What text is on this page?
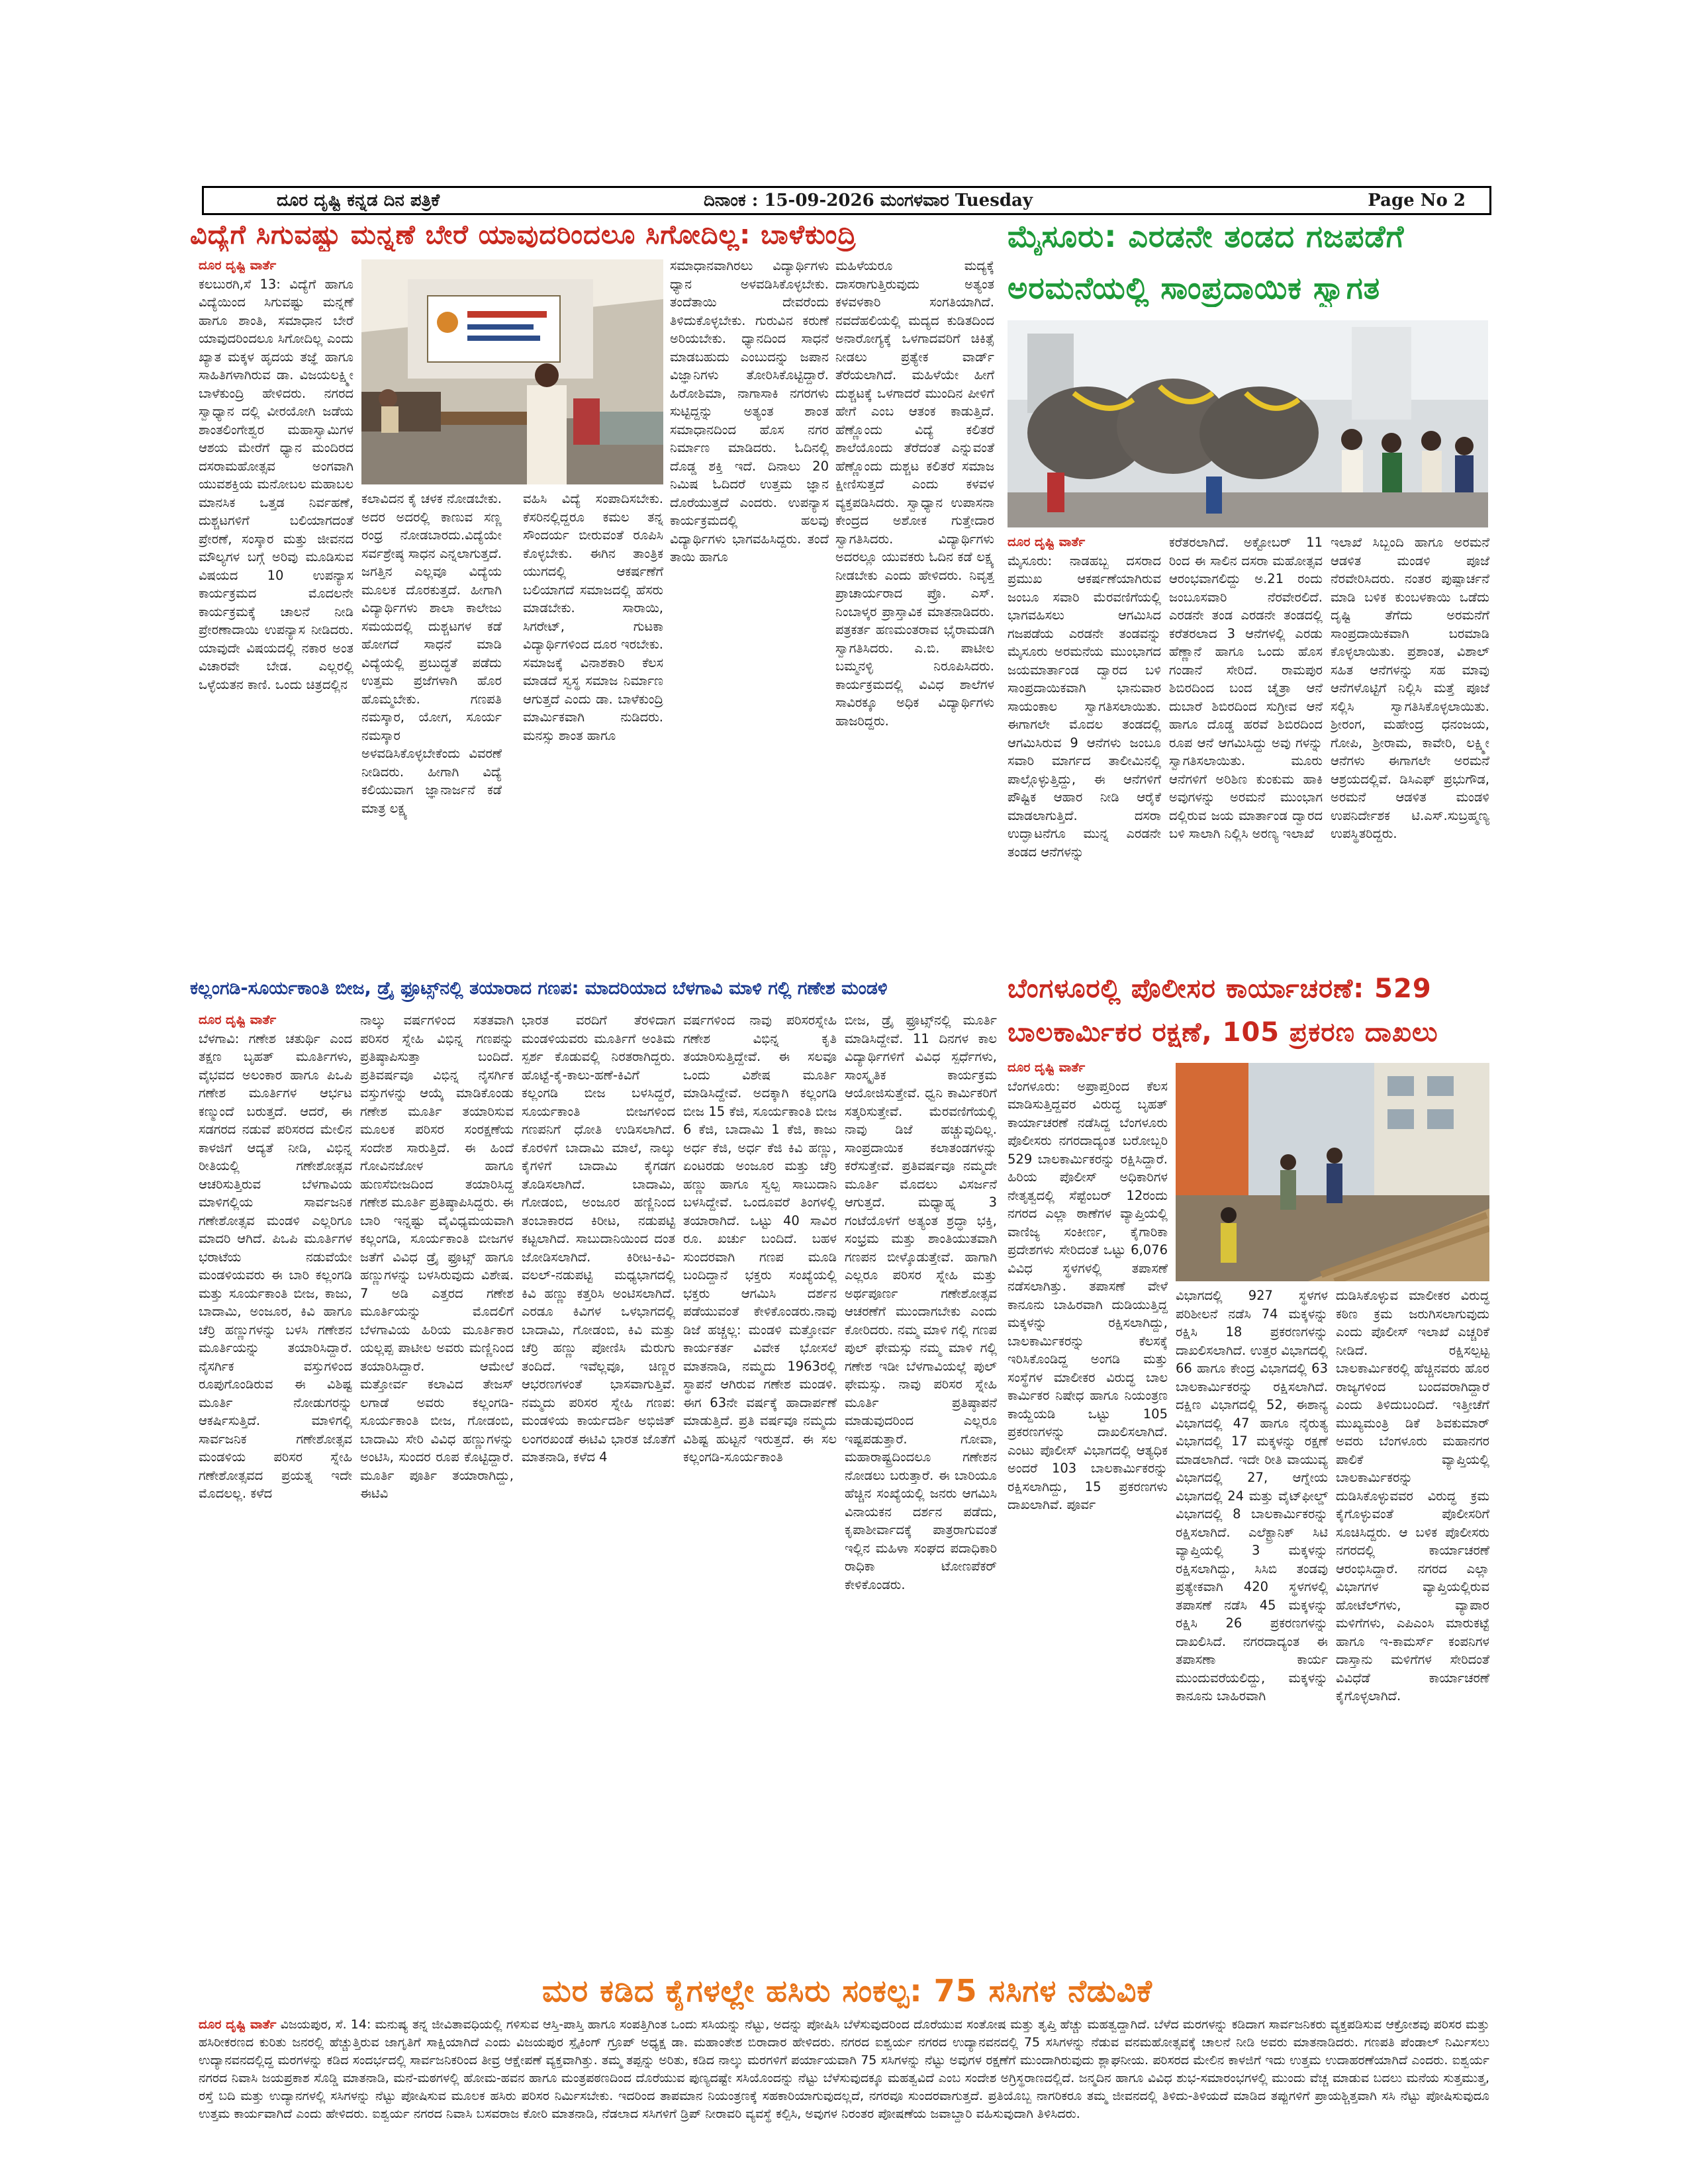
ದೂರ ದೃಷ್ಟಿ ಕನ್ನಡ ದಿನ ಪತ್ರಿಕೆ	ದಿನಾಂಕ : 15-09-2026 ಮಂಗಳವಾರ Tuesday	Page No 2
ವಿದ್ಯೆಗೆ ಸಿಗುವಷ್ಟು ಮನ್ನಣೆ ಬೇರೆ ಯಾವುದರಿಂದಲೂ ಸಿಗೋದಿಲ್ಲ: ಬಾಳೆಕುಂದ್ರಿ

ದೂರ ದೃಷ್ಟಿ ವಾರ್ತೆ

ಕಲಬುರಗಿ,ಸೆ 13: ವಿದ್ಯೆಗೆ ಹಾಗೂ ವಿದ್ಯೆಯಿಂದ ಸಿಗುವಷ್ಟು ಮನ್ನಣೆ ಹಾಗೂ ಶಾಂತಿ, ಸಮಾಧಾನ ಬೇರೆ ಯಾವುದರಿಂದಲೂ ಸಿಗೋದಿಲ್ಲ ಎಂದು ಖ್ಯಾತ ಮಕ್ಕಳ ಹೃದಯ ತಜ್ಞೆ ಹಾಗೂ ಸಾಹಿತಿಗಳಾಗಿರುವ ಡಾ. ವಿಜಯಲಕ್ಷ್ಮೀ ಬಾಳೆಕುಂದ್ರಿ ಹೇಳಿದರು. ನಗರದ ಸ್ವಾಧ್ಯಾನ ದಲ್ಲಿ ವೀರಯೋಗಿ ಜಡೆಯ ಶಾಂತಲಿಂಗೇಶ್ವರ ಮಹಾಸ್ವಾಮಿಗಳ ಆಶಯ ಮೇರೆಗೆ ಧ್ಯಾನ ಮಂದಿರದ ದಸರಾಮಹೋತ್ಸವ ಅಂಗವಾಗಿ ಯುವಶಕ್ತಿಯ ಮನೋಬಲ ಮಹಾಬಲ ಮಾನಸಿಕ ಒತ್ತಡ ನಿರ್ವಹಣೆ, ದುಶ್ಚಟಗಳಿಗೆ ಬಲಿಯಾಗದಂತೆ ಪ್ರೇರಣೆ, ಸಂಸ್ಕಾರ ಮತ್ತು ಜೀವನದ ಮೌಲ್ಯಗಳ ಬಗ್ಗೆ ಅರಿವು ಮೂಡಿಸುವ ವಿಷಯದ 10 ಉಪನ್ಯಾಸ ಕಾರ್ಯಕ್ರಮದ ಮೊದಲನೇ ಕಾರ್ಯಕ್ರಮಕ್ಕೆ ಚಾಲನೆ ನೀಡಿ ಪ್ರೇರಣಾದಾಯಿ ಉಪನ್ಯಾಸ ನೀಡಿದರು. ಯಾವುದೇ ವಿಷಯದಲ್ಲಿ ನಕಾರ ಅಂತ ವಿಚಾರವೇ ಬೇಡ. ಎಲ್ಲರಲ್ಲಿ ಒಳ್ಳೆಯತನ ಕಾಣಿ. ಒಂದು ಚಿತ್ರದಲ್ಲಿನ

ಕಲಾವಿದನ ಕೈ ಚಳಕ ನೋಡಬೇಕು. ಅದರ ಅದರಲ್ಲಿ ಕಾಣುವ ಸಣ್ಣ ರಂಧ್ರ ನೋಡಬಾರದು.ವಿದ್ಯೆಯೇ ಸರ್ವಶ್ರೇಷ್ಠ ಸಾಧನ ಎನ್ನಲಾಗುತ್ತದೆ. ಜಗತ್ತಿನ ಎಲ್ಲವೂ ವಿದ್ಯೆಯ ಮೂಲಕ ದೊರಕುತ್ತದೆ. ಹೀಗಾಗಿ ವಿದ್ಯಾರ್ಥಿಗಳು ಶಾಲಾ ಕಾಲೇಜು ಸಮಯದಲ್ಲಿ ದುಶ್ಚಟಗಳ ಕಡೆ ಹೋಗದೆ ಸಾಧನೆ ಮಾಡಿ ವಿದ್ಯೆಯಲ್ಲಿ ಪ್ರಬುದ್ಧತೆ ಪಡೆದು ಉತ್ತಮ ಪ್ರಜೆಗಳಾಗಿ ಹೊರ ಹೊಮ್ಮಬೇಕು. ಗಣಪತಿ ನಮಸ್ಕಾರ, ಯೋಗ, ಸೂರ್ಯ ನಮಸ್ಕಾರ ಅಳವಡಿಸಿಕೊಳ್ಳಬೇಕೆಂದು ವಿವರಣೆ ನೀಡಿದರು. ಹೀಗಾಗಿ ವಿದ್ಯೆ ಕಲಿಯುವಾಗ ಜ್ಞಾನಾರ್ಜನೆ ಕಡೆ ಮಾತ್ರ ಲಕ್ಷ್ಯ

ವಹಿಸಿ ವಿದ್ಯೆ ಸಂಪಾದಿಸಬೇಕು. ಕೆಸರಿನಲ್ಲಿದ್ದರೂ ಕಮಲ ತನ್ನ ಸೌಂದರ್ಯ ಬೀರುವಂತೆ ರೂಪಿಸಿ ಕೊಳ್ಳಬೇಕು. ಈಗಿನ ತಾಂತ್ರಿಕ ಯುಗದಲ್ಲಿ ಆಕರ್ಷಣೆಗೆ ಬಲಿಯಾಗದೆ ಸಮಾಜದಲ್ಲಿ ಹೆಸರು ಮಾಡಬೇಕು. ಸಾರಾಯಿ, ಸಿಗರೇಟ್, ಗುಟಕಾ ವಿದ್ಯಾರ್ಥಿಗಳಿಂದ ದೂರ ಇರಬೇಕು. ಸಮಾಜಕ್ಕೆ ವಿನಾಶಕಾರಿ ಕೆಲಸ ಮಾಡದೆ ಸ್ವಸ್ಥ ಸಮಾಜ ನಿರ್ಮಾಣ ಆಗುತ್ತದೆ ಎಂದು ಡಾ. ಬಾಳೆಕುಂದ್ರಿ ಮಾರ್ಮಿಕವಾಗಿ ನುಡಿದರು. ಮನಸ್ಸು ಶಾಂತ ಹಾಗೂ

ಸಮಾಧಾನವಾಗಿರಲು ವಿದ್ಯಾರ್ಥಿಗಳು ಧ್ಯಾನ ಅಳವಡಿಸಿಕೊಳ್ಳಬೇಕು. ತಂದೆತಾಯಿ ದೇವರೆಂದು ತಿಳಿದುಕೊಳ್ಳಬೇಕು. ಗುರುವಿನ ಕರುಣೆ ಅರಿಯಬೇಕು. ಧ್ಯಾನದಿಂದ ಸಾಧನೆ ಮಾಡಬಹುದು ಎಂಬುದನ್ನು ಜಪಾನ ವಿಜ್ಞಾನಿಗಳು ತೋರಿಸಿಕೊಟ್ಟಿದ್ದಾರೆ. ಹಿರೋಶಿಮಾ, ನಾಗಾಸಾಕಿ ನಗರಗಳು ಸುಟ್ಟಿದ್ದನ್ನು ಅತ್ಯಂತ ಶಾಂತ ಸಮಾಧಾನದಿಂದ ಹೊಸ ನಗರ ನಿರ್ಮಾಣ ಮಾಡಿದರು. ಓದಿನಲ್ಲಿ ದೊಡ್ಡ ಶಕ್ತಿ ಇದೆ. ದಿನಾಲು 20 ನಿಮಿಷ ಓದಿದರೆ ಉತ್ತಮ ಜ್ಞಾನ ದೊರೆಯುತ್ತದೆ ಎಂದರು. ಉಪನ್ಯಾಸ ಕಾರ್ಯಕ್ರಮದಲ್ಲಿ ಹಲವು ವಿದ್ಯಾರ್ಥಿಗಳು ಭಾಗವಹಿಸಿದ್ದರು. ತಂದೆ ತಾಯಿ ಹಾಗೂ

ಮಹಿಳೆಯರೂ ಮದ್ಯಕ್ಕೆ ದಾಸರಾಗುತ್ತಿರುವುದು ಅತ್ಯಂತ ಕಳವಳಕಾರಿ ಸಂಗತಿಯಾಗಿದೆ. ನವದೆಹಲಿಯಲ್ಲಿ ಮದ್ಯದ ಕುಡಿತದಿಂದ ಅನಾರೋಗ್ಯಕ್ಕೆ ಒಳಗಾದವರಿಗೆ ಚಿಕಿತ್ಸೆ ನೀಡಲು ಪ್ರತ್ಯೇಕ ವಾರ್ಡ್ ತೆರೆಯಲಾಗಿದೆ. ಮಹಿಳೆಯೇ ಹೀಗೆ ದುಶ್ಚಟಕ್ಕೆ ಒಳಗಾದರೆ ಮುಂದಿನ ಪೀಳಿಗೆ ಹೇಗೆ ಎಂಬ ಆತಂಕ ಕಾಡುತ್ತಿದೆ. ಹೆಣ್ಣೊಂದು ವಿದ್ಯೆ ಕಲಿತರೆ ಶಾಲೆಯೊಂದು ತೆರೆದಂತೆ ಎನ್ನುವಂತೆ ಹೆಣ್ಣೊಂದು ದುಶ್ಚಟ ಕಲಿತರೆ ಸಮಾಜ ಕ್ಷೀಣಿಸುತ್ತದೆ ಎಂದು ಕಳವಳ ವ್ಯಕ್ತಪಡಿಸಿದರು. ಸ್ವಾಧ್ಯಾನ ಉಪಾಸನಾ ಕೇಂದ್ರದ ಅಶೋಕ ಗುತ್ತೇದಾರ ಸ್ವಾಗತಿಸಿದರು. ವಿದ್ಯಾರ್ಥಿಗಳು ಅದರಲ್ಲೂ ಯುವಕರು ಓದಿನ ಕಡೆ ಲಕ್ಷ್ಯ ನೀಡಬೇಕು ಎಂದು ಹೇಳಿದರು. ನಿವೃತ್ತ ಪ್ರಾಚಾರ್ಯರಾದ ಪ್ರೊ. ಎಸ್. ನಿಂಬಾಳ್ಕರ ಪ್ರಾಸ್ತಾವಿಕ ಮಾತನಾಡಿದರು. ಪತ್ರಕರ್ತ ಹಣಮಂತರಾವ ಭೈರಾಮಡಗಿ ಸ್ವಾಗತಿಸಿದರು. ಎ.ಬಿ. ಪಾಟೀಲ ಬಮ್ಮನಳ್ಳಿ ನಿರೂಪಿಸಿದರು. ಕಾರ್ಯಕ್ರಮದಲ್ಲಿ ವಿವಿಧ ಶಾಲೆಗಳ ಸಾವಿರಕ್ಕೂ ಅಧಿಕ ವಿದ್ಯಾರ್ಥಿಗಳು ಹಾಜರಿದ್ದರು.

ಮೈಸೂರು: ಎರಡನೇ ತಂಡದ ಗಜಪಡೆಗೆ
ಅರಮನೆಯಲ್ಲಿ ಸಾಂಪ್ರದಾಯಿಕ ಸ್ವಾಗತ

ದೂರ ದೃಷ್ಟಿ ವಾರ್ತೆ

ಮೈಸೂರು: ನಾಡಹಬ್ಬ ದಸರಾದ ಪ್ರಮುಖ ಆಕರ್ಷಣೆಯಾಗಿರುವ ಜಂಬೂ ಸವಾರಿ ಮೆರವಣಿಗೆಯಲ್ಲಿ ಭಾಗವಹಿಸಲು ಆಗಮಿಸಿದ ಗಜಪಡೆಯ ಎರಡನೇ ತಂಡವನ್ನು ಮೈಸೂರು ಅರಮನೆಯ ಮುಂಭಾಗದ ಜಯಮಾರ್ತಾಂಡ ದ್ವಾರದ ಬಳಿ ಸಾಂಪ್ರದಾಯಿಕವಾಗಿ ಭಾನುವಾರ ಸಾಯಂಕಾಲ ಸ್ವಾಗತಿಸಲಾಯಿತು. ಈಗಾಗಲೇ ಮೊದಲ ತಂಡದಲ್ಲಿ ಆಗಮಿಸಿರುವ 9 ಆನೆಗಳು ಜಂಬೂ ಸವಾರಿ ಮಾರ್ಗದ ತಾಲೀಮಿನಲ್ಲಿ ಪಾಲ್ಗೊಳ್ಳುತ್ತಿದ್ದು, ಈ ಆನೆಗಳಿಗೆ ಪೌಷ್ಟಿಕ ಆಹಾರ ನೀಡಿ ಆರೈಕೆ ಮಾಡಲಾಗುತ್ತಿದೆ. ದಸರಾ ಉದ್ಘಾಟನೆಗೂ ಮುನ್ನ ಎರಡನೇ ತಂಡದ ಆನೆಗಳನ್ನು

ಕರೆತರಲಾಗಿದೆ. ಅಕ್ಟೋಬರ್ 11 ರಿಂದ ಈ ಸಾಲಿನ ದಸರಾ ಮಹೋತ್ಸವ ಆರಂಭವಾಗಲಿದ್ದು ಅ.21 ರಂದು ಜಂಬೂಸವಾರಿ ನೆರವೇರಲಿದೆ. ಎರಡನೇ ತಂಡ ಎರಡನೇ ತಂಡದಲ್ಲಿ ಕರೆತರಲಾದ 3 ಆನೆಗಳಲ್ಲಿ ಎರಡು ಹೆಣ್ಣಾನೆ ಹಾಗೂ ಒಂದು ಹೊಸ ಗಂಡಾನೆ ಸೇರಿದೆ. ರಾಮಪುರ ಶಿಬಿರದಿಂದ ಬಂದ ಚೈತ್ರಾ ಆನೆ ದುಬಾರೆ ಶಿಬಿರದಿಂದ ಸುಗ್ರೀವ ಆನೆ ಹಾಗೂ ದೊಡ್ಡ ಹರವೆ ಶಿಬಿರದಿಂದ ರೂಪ ಆನೆ ಆಗಮಿಸಿದ್ದು ಅವು ಗಳನ್ನು ಸ್ವಾಗತಿಸಲಾಯಿತು. ಮೂರು ಆನೆಗಳಿಗೆ ಅರಿಶಿಣ ಕುಂಕುಮ ಹಾಕಿ ಅವುಗಳನ್ನು ಅರಮನೆ ಮುಂಭಾಗ ದಲ್ಲಿರುವ ಜಯ ಮಾರ್ತಾಂಡ ದ್ವಾರದ ಬಳಿ ಸಾಲಾಗಿ ನಿಲ್ಲಿಸಿ ಅರಣ್ಯ ಇಲಾಖೆ

ಇಲಾಖೆ ಸಿಬ್ಬಂದಿ ಹಾಗೂ ಅರಮನೆ ಆಡಳಿತ ಮಂಡಳಿ ಪೂಜೆ ನೆರವೇರಿಸಿದರು. ನಂತರ ಪುಷ್ಪಾರ್ಚನೆ ಮಾಡಿ ಬಳಿಕ ಕುಂಬಳಕಾಯಿ ಒಡೆದು ದೃಷ್ಟಿ ತೆಗೆದು ಅರಮನೆಗೆ ಸಾಂಪ್ರದಾಯಿಕವಾಗಿ ಬರಮಾಡಿ ಕೊಳ್ಳಲಾಯಿತು. ಪ್ರಶಾಂತ, ವಿಶಾಲ್ ಸಹಿತ ಆನೆಗಳನ್ನು ಸಹ ಮಾವು ಆನೆಗಳೊಟ್ಟಿಗೆ ನಿಲ್ಲಿಸಿ ಮತ್ತೆ ಪೂಜೆ ಸಲ್ಲಿಸಿ ಸ್ವಾಗತಿಸಿಕೊಳ್ಳಲಾಯಿತು. ಶ್ರೀರಂಗ, ಮಹೇಂದ್ರ ಧನಂಜಯ, ಗೋಪಿ, ಶ್ರೀರಾಮ, ಕಾವೇರಿ, ಲಕ್ಷ್ಮೀ ಆನೆಗಳು ಈಗಾಗಲೇ ಅರಮನೆ ಆಶ್ರಯದಲ್ಲಿವೆ. ಡಿಸಿಎಫ್ ಪ್ರಭುಗೌಡ, ಅರಮನೆ ಆಡಳಿತ ಮಂಡಳಿ ಉಪನಿರ್ದೇಶಕ ಟಿ.ಎಸ್.ಸುಬ್ರಹ್ಮಣ್ಯ ಉಪಸ್ಥಿತರಿದ್ದರು.

ಕಲ್ಲಂಗಡಿ-ಸೂರ್ಯಕಾಂತಿ ಬೀಜ, ಡ್ರೈ ಫ್ರೂಟ್ಸ್‌ನಲ್ಲಿ ತಯಾರಾದ ಗಣಪ: ಮಾದರಿಯಾದ ಬೆಳಗಾವಿ ಮಾಳಿ ಗಲ್ಲಿ ಗಣೇಶ ಮಂಡಳಿ

ದೂರ ದೃಷ್ಟಿ ವಾರ್ತೆ

ಬೆಳಗಾವಿ: ಗಣೇಶ ಚತುರ್ಥಿ ಎಂದ ತಕ್ಷಣ ಬೃಹತ್ ಮೂರ್ತಿಗಳು, ವೈಭವದ ಅಲಂಕಾರ ಹಾಗೂ ಪಿಒಪಿ ಗಣೇಶ ಮೂರ್ತಿಗಳ ಆರ್ಭಟ ಕಣ್ಮುಂದೆ ಬರುತ್ತದೆ. ಆದರೆ, ಈ ಸಡಗರದ ನಡುವೆ ಪರಿಸರದ ಮೇಲಿನ ಕಾಳಜಿಗೆ ಆದ್ಯತೆ ನೀಡಿ, ವಿಭಿನ್ನ ರೀತಿಯಲ್ಲಿ ಗಣೇಶೋತ್ಸವ ಆಚರಿಸುತ್ತಿರುವ ಬೆಳಗಾವಿಯ ಮಾಳಿಗಲ್ಲಿಯ ಸಾರ್ವಜನಿಕ ಗಣೇಶೋತ್ಸವ ಮಂಡಳಿ ಎಲ್ಲರಿಗೂ ಮಾದರಿ ಆಗಿದೆ. ಪಿಒಪಿ ಮೂರ್ತಿಗಳ ಭರಾಟೆಯ ನಡುವೆಯೇ ಮಂಡಳಿಯವರು ಈ ಬಾರಿ ಕಲ್ಲಂಗಡಿ ಮತ್ತು ಸೂರ್ಯಕಾಂತಿ ಬೀಜ, ಕಾಜು, ಬಾದಾಮಿ, ಅಂಜೂರ, ಕಿವಿ ಹಾಗೂ ಚೆರ್ರಿ ಹಣ್ಣುಗಳನ್ನು ಬಳಸಿ ಗಣೇಶನ ಮೂರ್ತಿಯನ್ನು ತಯಾರಿಸಿದ್ದಾರೆ. ನೈಸರ್ಗಿಕ ವಸ್ತುಗಳಿಂದ ರೂಪುಗೊಂಡಿರುವ ಈ ವಿಶಿಷ್ಟ ಮೂರ್ತಿ ನೋಡುಗರನ್ನು ಆಕರ್ಷಿಸುತ್ತಿದೆ. ಮಾಳಿಗಲ್ಲಿ ಸಾರ್ವಜನಿಕ ಗಣೇಶೋತ್ಸವ ಮಂಡಳಿಯ ಪರಿಸರ ಸ್ನೇಹಿ ಗಣೇಶೋತ್ಸವದ ಪ್ರಯತ್ನ ಇದೇ ಮೊದಲಲ್ಲ. ಕಳೆದ

ನಾಲ್ಕು ವರ್ಷಗಳಿಂದ ಸತತವಾಗಿ ಪರಿಸರ ಸ್ನೇಹಿ ವಿಭಿನ್ನ ಗಣಪನ್ನು ಪ್ರತಿಷ್ಠಾಪಿಸುತ್ತಾ ಬಂದಿದೆ. ಪ್ರತಿವರ್ಷವೂ ವಿಭಿನ್ನ ನೈಸರ್ಗಿಕ ವಸ್ತುಗಳನ್ನು ಆಯ್ಕೆ ಮಾಡಿಕೊಂಡು ಗಣೇಶ ಮೂರ್ತಿ ತಯಾರಿಸುವ ಮೂಲಕ ಪರಿಸರ ಸಂರಕ್ಷಣೆಯ ಸಂದೇಶ ಸಾರುತ್ತಿದೆ. ಈ ಹಿಂದೆ ಗೋವಿನಜೋಳ ಹಾಗೂ ಹುಣಸೆಬೀಜದಿಂದ ತಯಾರಿಸಿದ್ದ ಗಣೇಶ ಮೂರ್ತಿ ಪ್ರತಿಷ್ಠಾಪಿಸಿದ್ದರು. ಈ ಬಾರಿ ಇನ್ನಷ್ಟು ವೈವಿಧ್ಯಮಯವಾಗಿ ಕಲ್ಲಂಗಡಿ, ಸೂರ್ಯಕಾಂತಿ ಬೀಜಗಳ ಜತೆಗೆ ವಿವಿಧ ಡ್ರೈ ಫ್ರೂಟ್ಸ್ ಹಾಗೂ ಹಣ್ಣುಗಳನ್ನು ಬಳಸಿರುವುದು ವಿಶೇಷ. 7 ಅಡಿ ಎತ್ತರದ ಗಣೇಶ ಮೂರ್ತಿಯನ್ನು ಮೊದಲಿಗೆ ಬೆಳಗಾವಿಯ ಹಿರಿಯ ಮೂರ್ತಿಕಾರ ಯಲ್ಲಪ್ಪ ಪಾಟೀಲ ಅವರು ಮಣ್ಣಿನಿಂದ ತಯಾರಿಸಿದ್ದಾರೆ. ಆಮೇಲೆ ಮತ್ತೋರ್ವ ಕಲಾವಿದ ತೇಜಸ್ ಲಗಾಡೆ ಅವರು ಕಲ್ಲಂಗಡಿ-ಸೂರ್ಯಕಾಂತಿ ಬೀಜ, ಗೋಡಂಬಿ, ಬಾದಾಮಿ ಸೇರಿ ವಿವಿಧ ಹಣ್ಣುಗಳನ್ನು ಅಂಟಿಸಿ, ಸುಂದರ ರೂಪ ಕೊಟ್ಟಿದ್ದಾರೆ. ಮೂರ್ತಿ ಪೂರ್ತಿ ತಯಾರಾಗಿದ್ದು, ಈಟಿವಿ

ಭಾರತ ವರದಿಗೆ ತೆರಳಿದಾಗ ಮಂಡಳಿಯವರು ಮೂರ್ತಿಗೆ ಅಂತಿಮ ಸ್ಪರ್ಶ ಕೊಡುವಲ್ಲಿ ನಿರತರಾಗಿದ್ದರು. ಹೊಟ್ಟೆ-ಕೈ-ಕಾಲು-ಹಣೆ-ಕಿವಿಗೆ ಕಲ್ಲಂಗಡಿ ಬೀಜ ಬಳಸಿದ್ದರೆ, ಸೂರ್ಯಕಾಂತಿ ಬೀಜಗಳಿಂದ ಗಣಪನಿಗೆ ಧೋತಿ ಉಡಿಸಲಾಗಿದೆ. ಕೊರಳಿಗೆ ಬಾದಾಮಿ ಮಾಲೆ, ನಾಲ್ಕು ಕೈಗಳಿಗೆ ಬಾದಾಮಿ ಕೈಗಡಗ ತೊಡಿಸಲಾಗಿದೆ. ಬಾದಾಮಿ, ಗೋಡಂಬಿ, ಅಂಜೂರ ಹಣ್ಣಿನಿಂದ ತಂಬಾಕಾರದ ಕಿರೀಟ, ನಡುಪಟ್ಟಿ ಕಟ್ಟಲಾಗಿದೆ. ಸಾಬುದಾನಿಯಿಂದ ದಂತ ಜೋಡಿಸಲಾಗಿದೆ. ಕಿರೀಟ-ಕಿವಿ-ವಲಲ್-ನಡುಪಟ್ಟಿ ಮಧ್ಯಭಾಗದಲ್ಲಿ ಕಿವಿ ಹಣ್ಣು ಕತ್ತರಿಸಿ ಅಂಟಿಸಲಾಗಿದೆ. ಎರಡೂ ಕಿವಿಗಳ ಒಳಭಾಗದಲ್ಲಿ ಬಾದಾಮಿ, ಗೋಡಂಬಿ, ಕಿವಿ ಮತ್ತು ಚೆರ್ರಿ ಹಣ್ಣು ಪೋಣಿಸಿ ಮೆರುಗು ತಂದಿದೆ. ಇವೆಲ್ಲವೂ, ಚಿಣ್ಣರ ಆಭರಣಗಳಂತೆ ಭಾಸವಾಗುತ್ತಿವೆ. ನಮ್ಮದು ಪರಿಸರ ಸ್ನೇಹಿ ಗಣಪ: ಮಂಡಳಿಯ ಕಾರ್ಯದರ್ಶಿ ಅಭಿಜಿತ್ ಲಂಗರಖಂಡೆ ಈಟಿವಿ ಭಾರತ ಜೊತೆಗೆ ಮಾತನಾಡಿ, ಕಳೆದ 4

ವರ್ಷಗಳಿಂದ ನಾವು ಪರಿಸರಸ್ನೇಹಿ ಗಣೇಶ ವಿಭಿನ್ನ ಕೃತಿ ತಯಾರಿಸುತ್ತಿದ್ದೇವೆ. ಈ ಸಲವೂ ಒಂದು ವಿಶೇಷ ಮೂರ್ತಿ ಮಾಡಿಸಿದ್ದೇವೆ. ಅದಕ್ಕಾಗಿ ಕಲ್ಲಂಗಡಿ ಬೀಜ 15 ಕೆಜಿ, ಸೂರ್ಯಕಾಂತಿ ಬೀಜ 6 ಕೆಜಿ, ಬಾದಾಮಿ 1 ಕೆಜಿ, ಕಾಜು ಅರ್ಧ ಕೆಜಿ, ಅರ್ಧ ಕೆಜಿ ಕಿವಿ ಹಣ್ಣು, ಏಂಟರಡು ಅಂಜೂರ ಮತ್ತು ಚೆರ್ರಿ ಹಣ್ಣು ಹಾಗೂ ಸ್ವಲ್ಪ ಸಾಬುದಾನಿ ಬಳಸಿದ್ದೇವೆ. ಒಂದೂವರೆ ತಿಂಗಳಲ್ಲಿ ತಯಾರಾಗಿದೆ. ಒಟ್ಟು 40 ಸಾವಿರ ರೂ. ಖರ್ಚು ಬಂದಿದೆ. ಬಹಳ ಸುಂದರವಾಗಿ ಗಣಪ ಮೂಡಿ ಬಂದಿದ್ದಾನೆ ಭಕ್ತರು ಸಂಖ್ಯೆಯಲ್ಲಿ ಭಕ್ತರು ಆಗಮಿಸಿ ದರ್ಶನ ಪಡೆಯುವಂತೆ ಕೇಳಿಕೊಂಡರು.ನಾವು ಡಿಜೆ ಹಚ್ಚಲ್ಲ: ಮಂಡಳಿ ಮತ್ತೋರ್ವ ಕಾರ್ಯಕರ್ತ ವಿವೇಕ ಭೋಸಲೆ ಮಾತನಾಡಿ, ನಮ್ಮದು 1963ರಲ್ಲಿ ಸ್ಥಾಪನೆ ಆಗಿರುವ ಗಣೇಶ ಮಂಡಳಿ. ಈಗ 63ನೇ ವರ್ಷಕ್ಕೆ ಹಾದಾರ್ಪಣೆ ಮಾಡುತ್ತಿದೆ. ಪ್ರತಿ ವರ್ಷವೂ ನಮ್ಮದು ವಿಶಿಷ್ಟ ಹುಟ್ಟನೆ ಇರುತ್ತದೆ. ಈ ಸಲ ಕಲ್ಲಂಗಡಿ-ಸೂರ್ಯಕಾಂತಿ

ಬೀಜ, ಡ್ರೈ ಫ್ರೂಟ್ಸ್‌ನಲ್ಲಿ ಮೂರ್ತಿ ಮಾಡಿಸಿದ್ದೇವೆ. 11 ದಿನಗಳ ಕಾಲ ವಿದ್ಯಾರ್ಥಿಗಳಿಗೆ ವಿವಿಧ ಸ್ಪರ್ಧೆಗಳು, ಸಾಂಸ್ಕೃತಿಕ ಕಾರ್ಯಕ್ರಮ ಆಯೋಜಿಸುತ್ತೇವೆ. ಧ್ವನಿ ಕಾರ್ಮಿಕರಿಗೆ ಸತ್ಕರಿಸುತ್ತೇವೆ. ಮೆರವಣಿಗೆಯಲ್ಲಿ ನಾವು ಡಿಜೆ ಹಚ್ಚುವುದಿಲ್ಲ. ಸಾಂಪ್ರದಾಯಿಕ ಕಲಾತಂಡಗಳನ್ನು ಕರೆಸುತ್ತೇವೆ. ಪ್ರತಿವರ್ಷವೂ ನಮ್ಮದೇ ಮೂರ್ತಿ ಮೊದಲು ವಿಸರ್ಜನೆ ಆಗುತ್ತದೆ. ಮಧ್ಯಾಹ್ನ 3 ಗಂಟೆಯೊಳಗೆ ಅತ್ಯಂತ ಶ್ರದ್ಧಾ ಭಕ್ತಿ, ಸಂಭ್ರಮ ಮತ್ತು ಶಾಂತಿಯುತವಾಗಿ ಗಣಪನ ಬೀಳ್ಕೊಡುತ್ತೇವೆ. ಹಾಗಾಗಿ ಎಲ್ಲರೂ ಪರಿಸರ ಸ್ನೇಹಿ ಮತ್ತು ಅರ್ಥಪೂರ್ಣ ಗಣೇಶೋತ್ಸವ ಆಚರಣೆಗೆ ಮುಂದಾಗಬೇಕು ಎಂದು ಕೋರಿದರು. ನಮ್ಮ ಮಾಳಿ ಗಲ್ಲಿ ಗಣಪ ಪುಲ್ ಫೇಮಸ್ಸು ನಮ್ಮ ಮಾಳಿ ಗಲ್ಲಿ ಗಣೇಶ ಇಡೀ ಬೆಳಗಾವಿಯಲ್ಲೆ ಪುಲ್ ಫೇಮಸ್ಸು. ನಾವು ಪರಿಸರ ಸ್ನೇಹಿ ಮೂರ್ತಿ ಪ್ರತಿಷ್ಠಾಪನೆ ಮಾಡುವುದರಿಂದ ಎಲ್ಲರೂ ಇಷ್ಟಪಡುತ್ತಾರೆ. ಗೋವಾ, ಮಹಾರಾಷ್ಟ್ರದಿಂದಲೂ ಗಣೇಶನ ನೋಡಲು ಬರುತ್ತಾರೆ. ಈ ಬಾರಿಯೂ ಹೆಚ್ಚಿನ ಸಂಖ್ಯೆಯಲ್ಲಿ ಜನರು ಆಗಮಿಸಿ ವಿನಾಯಕನ ದರ್ಶನ ಪಡೆದು, ಕೃಪಾಶೀರ್ವಾದಕ್ಕೆ ಪಾತ್ರರಾಗುವಂತೆ ಇಲ್ಲಿನ ಮಹಿಳಾ ಸಂಘದ ಪದಾಧಿಕಾರಿ ರಾಧಿಕಾ ಟೋಣಪೆಕರ್ ಕೇಳಿಕೊಂಡರು.

ಬೆಂಗಳೂರಲ್ಲಿ ಪೊಲೀಸರ ಕಾರ್ಯಾಚರಣೆ: 529
ಬಾಲಕಾರ್ಮಿಕರ ರಕ್ಷಣೆ, 105 ಪ್ರಕರಣ ದಾಖಲು

ದೂರ ದೃಷ್ಟಿ ವಾರ್ತೆ

ಬೆಂಗಳೂರು: ಅಪ್ರಾಪ್ತರಿಂದ ಕೆಲಸ ಮಾಡಿಸುತ್ತಿದ್ದವರ ವಿರುದ್ಧ ಬೃಹತ್ ಕಾರ್ಯಾಚರಣೆ ನಡೆಸಿದ್ದ ಬೆಂಗಳೂರು ಪೊಲೀಸರು ನಗರದಾದ್ಯಂತ ಬರೋಬ್ಬರಿ 529 ಬಾಲಕಾರ್ಮಿಕರನ್ನು ರಕ್ಷಿಸಿದ್ದಾರೆ. ಹಿರಿಯ ಪೊಲೀಸ್ ಅಧಿಕಾರಿಗಳ ನೇತೃತ್ವದಲ್ಲಿ ಸೆಪ್ಟೆಂಬರ್ 12ರಂದು ನಗರದ ಎಲ್ಲಾ ಠಾಣೆಗಳ ವ್ಯಾಪ್ತಿಯಲ್ಲಿ ವಾಣಿಜ್ಯ ಸಂಕೀರ್ಣ, ಕೈಗಾರಿಕಾ ಪ್ರದೇಶಗಳು ಸೇರಿದಂತೆ ಒಟ್ಟು 6,076 ವಿವಿಧ ಸ್ಥಳಗಳಲ್ಲಿ ತಪಾಸಣೆ ನಡೆಸಲಾಗಿತ್ತು. ತಪಾಸಣೆ ವೇಳೆ ಕಾನೂನು ಬಾಹಿರವಾಗಿ ದುಡಿಯುತ್ತಿದ್ದ ಮಕ್ಕಳನ್ನು ರಕ್ಷಿಸಲಾಗಿದ್ದು, ಬಾಲಕಾರ್ಮಿಕರನ್ನು ಕೆಲಸಕ್ಕೆ ಇರಿಸಿಕೊಂಡಿದ್ದ ಅಂಗಡಿ ಮತ್ತು ಸಂಸ್ಥೆಗಳ ಮಾಲೀಕರ ವಿರುದ್ಧ ಬಾಲ ಕಾರ್ಮಿಕರ ನಿಷೇಧ ಹಾಗೂ ನಿಯಂತ್ರಣ ಕಾಯ್ದೆಯಡಿ ಒಟ್ಟು 105 ಪ್ರಕರಣಗಳನ್ನು ದಾಖಲಿಸಲಾಗಿದೆ. ಎಂಟು ಪೊಲೀಸ್ ವಿಭಾಗದಲ್ಲಿ ಆತ್ಯಧಿಕ ಅಂದರೆ 103 ಬಾಲಕಾರ್ಮಿಕರನ್ನು ರಕ್ಷಿಸಲಾಗಿದ್ದು, 15 ಪ್ರಕರಣಗಳು ದಾಖಲಾಗಿವೆ. ಪೂರ್ವ

ವಿಭಾಗದಲ್ಲಿ 927 ಸ್ಥಳಗಳ ಪರಿಶೀಲನೆ ನಡೆಸಿ 74 ಮಕ್ಕಳನ್ನು ರಕ್ಷಿಸಿ 18 ಪ್ರಕರಣಗಳನ್ನು ದಾಖಲಿಸಲಾಗಿದೆ. ಉತ್ತರ ವಿಭಾಗದಲ್ಲಿ 66 ಹಾಗೂ ಕೇಂದ್ರ ವಿಭಾಗದಲ್ಲಿ 63 ಬಾಲಕಾರ್ಮಿಕರನ್ನು ರಕ್ಷಿಸಲಾಗಿದೆ. ದಕ್ಷಿಣ ವಿಭಾಗದಲ್ಲಿ 52, ಈಶಾನ್ಯ ವಿಭಾಗದಲ್ಲಿ 47 ಹಾಗೂ ನೈರುತ್ಯ ವಿಭಾಗದಲ್ಲಿ 17 ಮಕ್ಕಳನ್ನು ರಕ್ಷಣೆ ಮಾಡಲಾಗಿದೆ. ಇದೇ ರೀತಿ ವಾಯುವ್ಯ ವಿಭಾಗದಲ್ಲಿ 27, ಆಗ್ನೇಯ ವಿಭಾಗದಲ್ಲಿ 24 ಮತ್ತು ವೈಟ್‌ಫೀಲ್ಡ್ ವಿಭಾಗದಲ್ಲಿ 8 ಬಾಲಕಾರ್ಮಿಕರನ್ನು ರಕ್ಷಿಸಲಾಗಿದೆ. ಎಲೆಕ್ಟ್ರಾನಿಕ್ ಸಿಟಿ ವ್ಯಾಪ್ತಿಯಲ್ಲಿ 3 ಮಕ್ಕಳನ್ನು ರಕ್ಷಿಸಲಾಗಿದ್ದು, ಸಿಸಿಬಿ ತಂಡವು ಪ್ರತ್ಯೇಕವಾಗಿ 420 ಸ್ಥಳಗಳಲ್ಲಿ ತಪಾಸಣೆ ನಡೆಸಿ 45 ಮಕ್ಕಳನ್ನು ರಕ್ಷಿಸಿ 26 ಪ್ರಕರಣಗಳನ್ನು ದಾಖಲಿಸಿದೆ. ನಗರದಾದ್ಯಂತ ಈ ತಪಾಸಣಾ ಕಾರ್ಯ ಮುಂದುವರೆಯಲಿದ್ದು, ಮಕ್ಕಳನ್ನು ಕಾನೂನು ಬಾಹಿರವಾಗಿ

ದುಡಿಸಿಕೊಳ್ಳುವ ಮಾಲೀಕರ ವಿರುದ್ಧ ಕಠಿಣ ಕ್ರಮ ಜರುಗಿಸಲಾಗುವುದು ಎಂದು ಪೊಲೀಸ್ ಇಲಾಖೆ ಎಚ್ಚರಿಕೆ ನೀಡಿದೆ. ರಕ್ಷಿಸಲ್ಪಟ್ಟ ಬಾಲಕಾರ್ಮಿಕರಲ್ಲಿ ಹೆಚ್ಚಿನವರು ಹೊರ ರಾಜ್ಯಗಳಿಂದ ಬಂದವರಾಗಿದ್ದಾರೆ ಎಂದು ತಿಳಿದುಬಂದಿದೆ. ಇತ್ತೀಚೆಗೆ ಮುಖ್ಯಮಂತ್ರಿ ಡಿಕೆ ಶಿವಕುಮಾರ್ ಅವರು ಬೆಂಗಳೂರು ಮಹಾನಗರ ಪಾಲಿಕೆ ವ್ಯಾಪ್ತಿಯಲ್ಲಿ ಬಾಲಕಾರ್ಮಿಕರನ್ನು ದುಡಿಸಿಕೊಳ್ಳುವವರ ವಿರುದ್ಧ ಕ್ರಮ ಕೈಗೊಳ್ಳುವಂತೆ ಪೊಲೀಸರಿಗೆ ಸೂಚಿಸಿದ್ದರು. ಆ ಬಳಿಕ ಪೊಲೀಸರು ನಗರದಲ್ಲಿ ಕಾರ್ಯಾಚರಣೆ ಆರಂಭಿಸಿದ್ದಾರೆ. ನಗರದ ಎಲ್ಲಾ ವಿಭಾಗಗಳ ವ್ಯಾಪ್ತಿಯಲ್ಲಿರುವ ಹೋಟೆಲ್‌ಗಳು, ವ್ಯಾಪಾರ ಮಳಿಗೆಗಳು, ಎಪಿಎಂಸಿ ಮಾರುಕಟ್ಟೆ ಹಾಗೂ ಇ-ಕಾಮರ್ಸ್ ಕಂಪನಿಗಳ ದಾಸ್ತಾನು ಮಳಿಗೆಗಳ ಸೇರಿದಂತೆ ವಿವಿಧೆಡೆ ಕಾರ್ಯಾಚರಣೆ ಕೈಗೊಳ್ಳಲಾಗಿದೆ.

ಮರ ಕಡಿದ ಕೈಗಳಲ್ಲೇ ಹಸಿರು ಸಂಕಲ್ಪ: 75 ಸಸಿಗಳ ನೆಡುವಿಕೆ

ದೂರ ದೃಷ್ಟಿ ವಾರ್ತೆ ವಿಜಯಪುರ, ಸೆ. 14: ಮನುಷ್ಯ ತನ್ನ ಜೀವಿತಾವಧಿಯಲ್ಲಿ ಗಳಿಸುವ ಆಸ್ತಿ-ಪಾಸ್ತಿ ಹಾಗೂ ಸಂಪತ್ತಿಗಿಂತ ಒಂದು ಸಸಿಯನ್ನು ನೆಟ್ಟು, ಅದನ್ನು ಪೋಷಿಸಿ ಬೆಳೆಸುವುದರಿಂದ ದೊರೆಯುವ ಸಂತೋಷ ಮತ್ತು ತೃಪ್ತಿ ಹೆಚ್ಚು ಮಹತ್ವದ್ದಾಗಿದೆ. ಬೆಳೆದ ಮರಗಳನ್ನು ಕಡಿದಾಗ ಸಾರ್ವಜನಿಕರು ವ್ಯಕ್ತಪಡಿಸುವ ಆಕ್ರೋಶವು ಪರಿಸರ ಮತ್ತು ಹಸಿರೀಕರಣದ ಕುರಿತು ಜನರಲ್ಲಿ ಹೆಚ್ಚುತ್ತಿರುವ ಜಾಗೃತಿಗೆ ಸಾಕ್ಷಿಯಾಗಿದೆ ಎಂದು ವಿಜಯಪುರ ಸ್ಪೈಕಿಂಗ್ ಗ್ರೂಪ್ ಅಧ್ಯಕ್ಷ ಡಾ. ಮಹಾಂತೇಶ ಬಿರಾದಾರ ಹೇಳಿದರು. ನಗರದ ಐಶ್ವರ್ಯ ನಗರದ ಉದ್ಯಾನವನದಲ್ಲಿ 75 ಸಸಿಗಳನ್ನು ನೆಡುವ ವನಮಹೋತ್ಸವಕ್ಕೆ ಚಾಲನೆ ನೀಡಿ ಅವರು ಮಾತನಾಡಿದರು. ಗಣಪತಿ ಪೆಂಡಾಲ್ ನಿರ್ಮಿಸಲು ಉದ್ಯಾನವನದಲ್ಲಿದ್ದ ಮರಗಳನ್ನು ಕಡಿದ ಸಂದರ್ಭದಲ್ಲಿ ಸಾರ್ವಜನಿಕರಿಂದ ತೀವ್ರ ಆಕ್ಷೇಪಣೆ ವ್ಯಕ್ತವಾಗಿತ್ತು. ತಮ್ಮ ತಪ್ಪನ್ನು ಅರಿತು, ಕಡಿದ ನಾಲ್ಕು ಮರಗಳಿಗೆ ಪರ್ಯಾಯವಾಗಿ 75 ಸಸಿಗಳನ್ನು ನೆಟ್ಟು ಅವುಗಳ ರಕ್ಷಣೆಗೆ ಮುಂದಾಗಿರುವುದು ಶ್ಲಾಘನೀಯ. ಪರಿಸರದ ಮೇಲಿನ ಕಾಳಜಿಗೆ ಇದು ಉತ್ತಮ ಉದಾಹರಣೆಯಾಗಿದೆ ಎಂದರು. ಐಶ್ವರ್ಯ ನಗರದ ನಿವಾಸಿ ಜಯಪ್ರಕಾಶ ಸೊಡ್ಡಿ ಮಾತನಾಡಿ, ಮನೆ-ಮಠಗಳಲ್ಲಿ ಹೋಮ-ಹವನ ಹಾಗೂ ಮಂತ್ರಪಠಣದಿಂದ ದೊರೆಯುವ ಪುಣ್ಯದಷ್ಟೇ ಸಸಿಯೊಂದನ್ನು ನೆಟ್ಟು ಬೆಳೆಸುವುದಕ್ಕೂ ಮಹತ್ವವಿದೆ ಎಂಬ ಸಂದೇಶ ಅಗ್ರಿಸ್ಥರಾಣದಲ್ಲಿದೆ. ಜನ್ಮದಿನ ಹಾಗೂ ವಿವಿಧ ಶುಭ-ಸಮಾರಂಭಗಳಲ್ಲಿ ಮುಂದು ವೆಚ್ಚ ಮಾಡುವ ಬದಲು ಮನೆಯ ಸುತ್ತಮುತ್ತ, ರಸ್ತೆ ಬದಿ ಮತ್ತು ಉದ್ಯಾನಗಳಲ್ಲಿ ಸಸಿಗಳನ್ನು ನೆಟ್ಟು ಪೋಷಿಸುವ ಮೂಲಕ ಹಸಿರು ಪರಿಸರ ನಿರ್ಮಿಸಬೇಕು. ಇದರಿಂದ ತಾಪಮಾನ ನಿಯಂತ್ರಣಕ್ಕೆ ಸಹಕಾರಿಯಾಗುವುದಲ್ಲದೆ, ನಗರವೂ ಸುಂದರವಾಗುತ್ತದೆ. ಪ್ರತಿಯೊಬ್ಬ ನಾಗರಿಕರೂ ತಮ್ಮ ಜೀವನದಲ್ಲಿ ತಿಳಿದು-ತಿಳಿಯದೆ ಮಾಡಿದ ತಪ್ಪುಗಳಿಗೆ ಪ್ರಾಯಶ್ಚಿತ್ತವಾಗಿ ಸಸಿ ನೆಟ್ಟು ಪೋಷಿಸುವುದೂ ಉತ್ತಮ ಕಾರ್ಯವಾಗಿದೆ ಎಂದು ಹೇಳಿದರು. ಐಶ್ವರ್ಯ ನಗರದ ನಿವಾಸಿ ಬಸವರಾಜ ಕೋರಿ ಮಾತನಾಡಿ, ನೆಡಲಾದ ಸಸಿಗಳಿಗೆ ಡ್ರಿಪ್ ನೀರಾವರಿ ವ್ಯವಸ್ಥೆ ಕಲ್ಪಿಸಿ, ಅವುಗಳ ನಿರಂತರ ಪೋಷಣೆಯ ಜವಾಬ್ದಾರಿ ವಹಿಸುವುದಾಗಿ ತಿಳಿಸಿದರು.
